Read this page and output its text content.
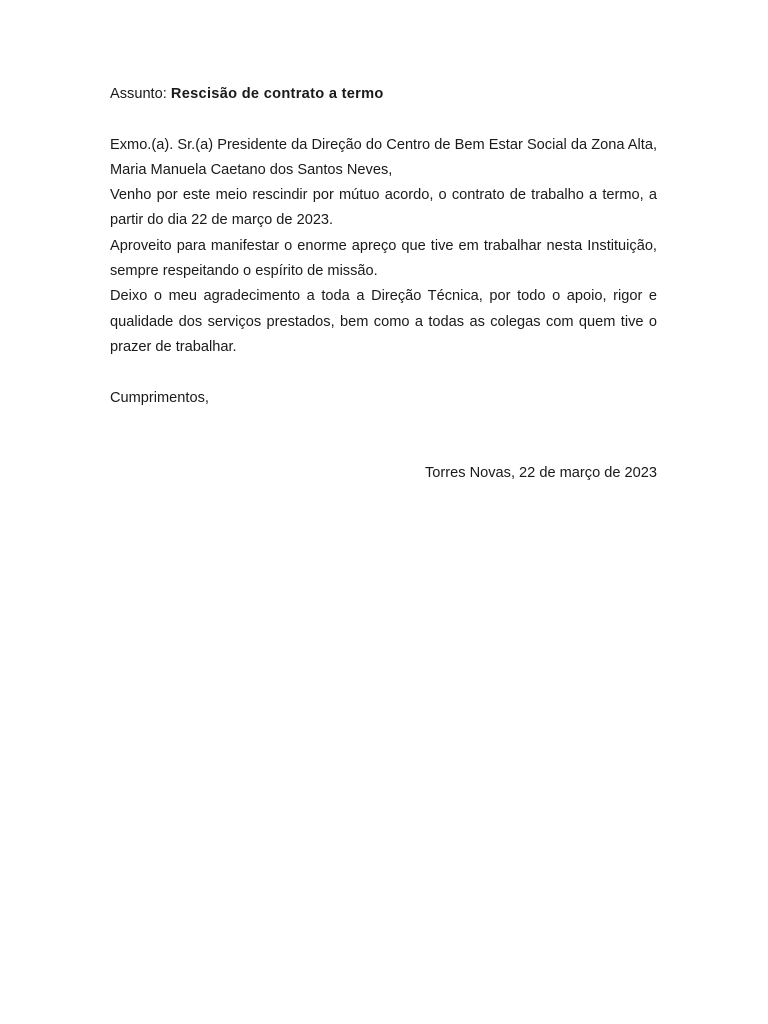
Assunto: Rescisão de contrato a termo

Exmo.(a). Sr.(a) Presidente da Direção do Centro de Bem Estar Social da Zona Alta, Maria Manuela Caetano dos Santos Neves,

Venho por este meio rescindir por mútuo acordo, o contrato de trabalho a termo, a partir do dia 22 de março de 2023.

Aproveito para manifestar o enorme apreço que tive em trabalhar nesta Instituição, sempre respeitando o espírito de missão.

Deixo o meu agradecimento a toda a Direção Técnica, por todo o apoio, rigor e qualidade dos serviços prestados, bem como a todas as colegas com quem tive o prazer de trabalhar.

Cumprimentos,

Torres Novas, 22 de março de 2023
